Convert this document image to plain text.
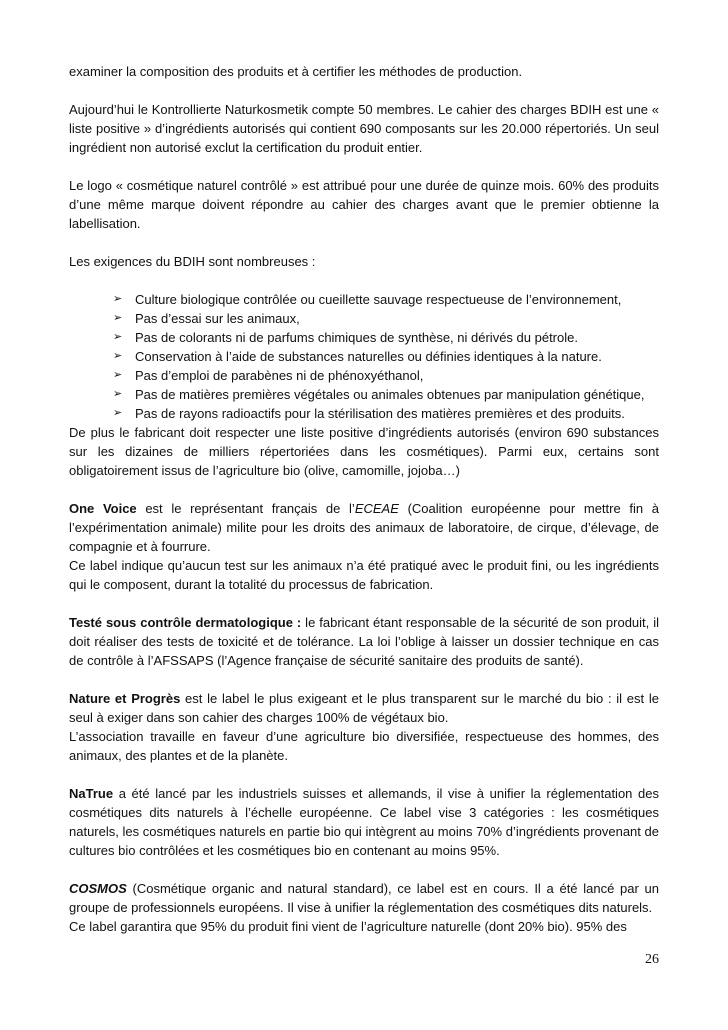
examiner la composition des produits et à certifier les méthodes de production.

Aujourd’hui le Kontrollierte Naturkosmetik compte 50 membres. Le cahier des charges BDIH est une « liste positive » d’ingrédients autorisés qui contient 690 composants sur les 20.000 répertoriés. Un seul ingrédient non autorisé exclut la certification du produit entier.

Le logo « cosmétique naturel contrôlé » est attribué pour une durée de quinze mois. 60% des produits d’une même marque doivent répondre au cahier des charges avant que le premier obtienne la labellisation.

Les exigences du BDIH sont nombreuses :

➢ Culture biologique contrôlée ou cueillette sauvage respectueuse de l’environnement,
➢ Pas d’essai sur les animaux,
➢ Pas de colorants ni de parfums chimiques de synthèse, ni dérivés du pétrole.
➢ Conservation à l’aide de substances naturelles ou définies identiques à la nature.
➢ Pas d’emploi de parabènes ni de phénoxyéthanol,
➢ Pas de matières premières végétales ou animales obtenues par manipulation génétique,
➢ Pas de rayons radioactifs pour la stérilisation des matières premières et des produits.

De plus le fabricant doit respecter une liste positive d’ingrédients autorisés (environ 690 substances sur les dizaines de milliers répertoriées dans les cosmétiques). Parmi eux, certains sont obligatoirement issus de l’agriculture bio (olive, camomille, jojoba…)

One Voice est le représentant français de l’ECEAE (Coalition européenne pour mettre fin à l’expérimentation animale) milite pour les droits des animaux de laboratoire, de cirque, d’élevage, de compagnie et à fourrure.

Ce label indique qu’aucun test sur les animaux n’a été pratiqué avec le produit fini, ou les ingrédients qui le composent, durant la totalité du processus de fabrication.

Testé sous contrôle dermatologique : le fabricant étant responsable de la sécurité de son produit, il doit réaliser des tests de toxicité et de tolérance. La loi l’oblige à laisser un dossier technique en cas de contrôle à l’AFSSAPS (l’Agence française de sécurité sanitaire des produits de santé).

Nature et Progrès est le label le plus exigeant et le plus transparent sur le marché du bio : il est le seul à exiger dans son cahier des charges 100% de végétaux bio.

L’association travaille en faveur d’une agriculture bio diversifiée, respectueuse des hommes, des animaux, des plantes et de la planète.

NaTrue a été lancé par les industriels suisses et allemands, il vise à unifier la réglementation des cosmétiques dits naturels à l’échelle européenne. Ce label vise 3 catégories : les cosmétiques naturels, les cosmétiques naturels en partie bio qui intègrent au moins 70% d’ingrédients provenant de cultures bio contrôlées et les cosmétiques bio en contenant au moins 95%.

COSMOS (Cosmétique organic and natural standard), ce label est en cours. Il a été lancé par un groupe de professionnels européens. Il vise à unifier la réglementation des cosmétiques dits naturels.

Ce label garantira que 95% du produit fini vient de l’agriculture naturelle (dont 20% bio). 95% des

26
